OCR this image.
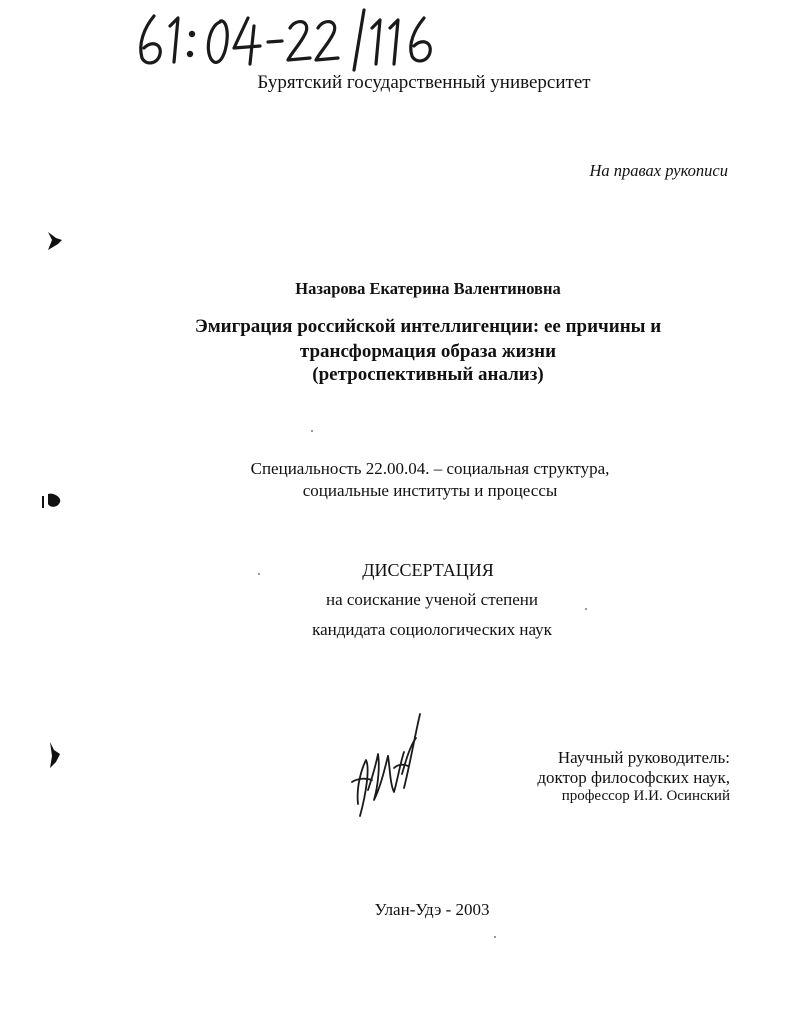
Бурятский государственный университет
На правах рукописи
Назарова Екатерина Валентиновна
Эмиграция российской интеллигенции: ее причины и
трансформация образа жизни
(ретроспективный анализ)
Специальность 22.00.04. – социальная структура,
социальные институты и процессы
ДИССЕРТАЦИЯ
на соискание ученой степени
кандидата социологических наук
Научный руководитель:
доктор философских наук,
профессор И.И. Осинский
Улан-Удэ - 2003
